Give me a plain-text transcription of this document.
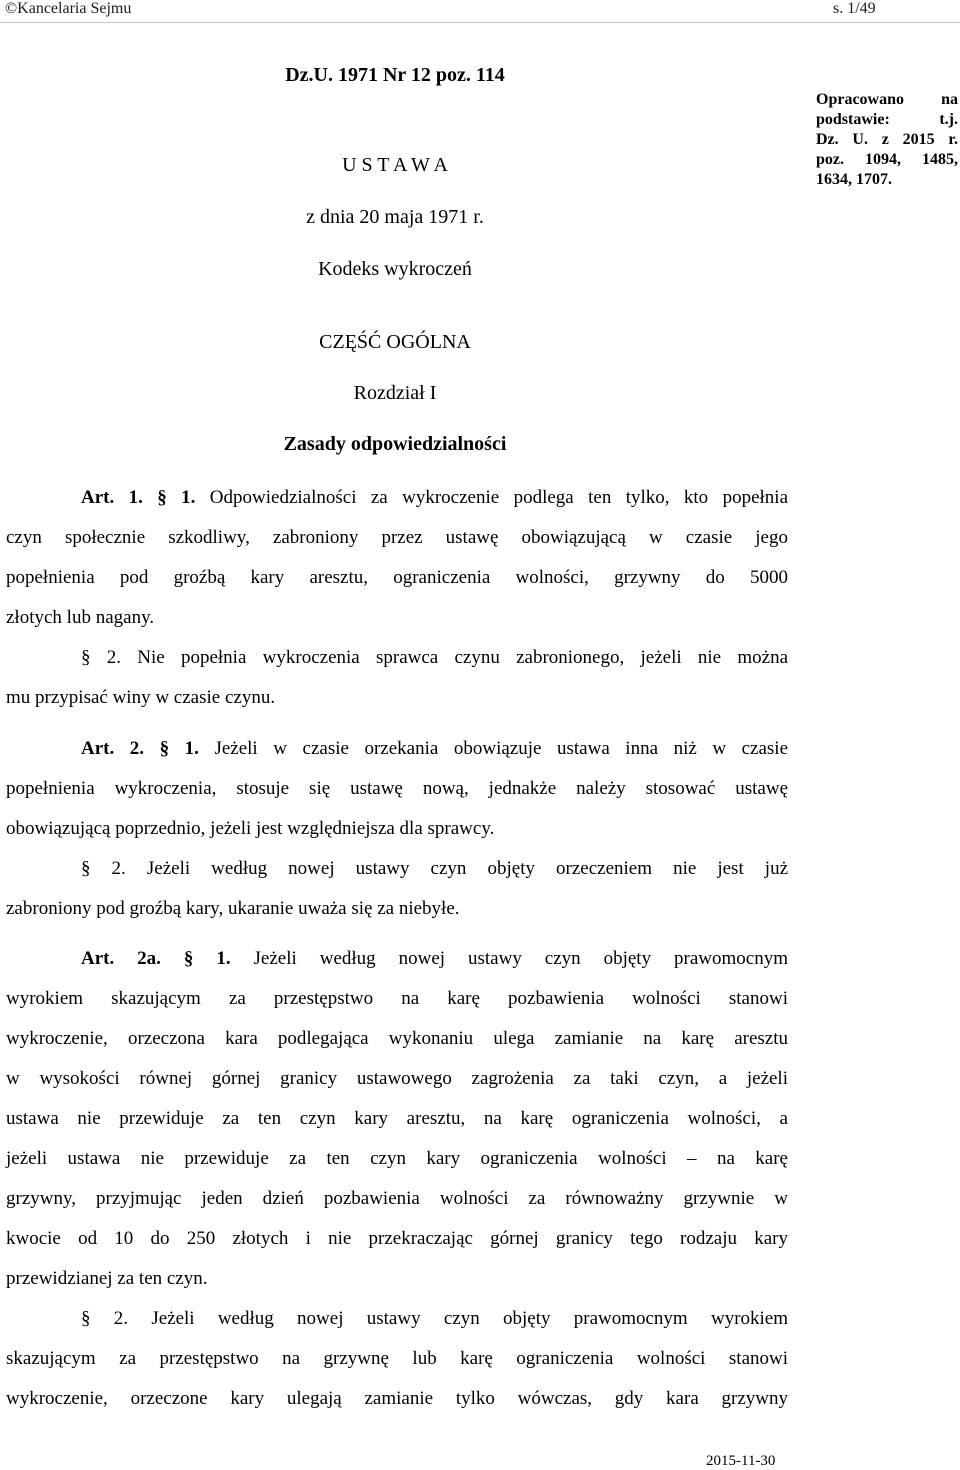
©Kancelaria Sejmu	s. 1/49
Opracowano na
podstawie: t.j.
Dz. U. z 2015 r.
poz. 1094, 1485,
1634, 1707.
Dz.U. 1971 Nr 12 poz. 114
U S T A W A
z dnia 20 maja 1971 r.
Kodeks wykroczeń
CZĘŚĆ OGÓLNA
Rozdział I
Zasady odpowiedzialności
Art. 1. § 1. Odpowiedzialności za wykroczenie podlega ten tylko, kto popełnia
czyn społecznie szkodliwy, zabroniony przez ustawę obowiązującą w czasie jego
popełnienia pod groźbą kary aresztu, ograniczenia wolności, grzywny do 5000
złotych lub nagany.
§ 2. Nie popełnia wykroczenia sprawca czynu zabronionego, jeżeli nie można
mu przypisać winy w czasie czynu.
Art. 2. § 1. Jeżeli w czasie orzekania obowiązuje ustawa inna niż w czasie
popełnienia wykroczenia, stosuje się ustawę nową, jednakże należy stosować ustawę
obowiązującą poprzednio, jeżeli jest względniejsza dla sprawcy.
§ 2. Jeżeli według nowej ustawy czyn objęty orzeczeniem nie jest już
zabroniony pod groźbą kary, ukaranie uważa się za niebyłe.
Art. 2a. § 1. Jeżeli według nowej ustawy czyn objęty prawomocnym
wyrokiem skazującym za przestępstwo na karę pozbawienia wolności stanowi
wykroczenie, orzeczona kara podlegająca wykonaniu ulega zamianie na karę aresztu
w wysokości równej górnej granicy ustawowego zagrożenia za taki czyn, a jeżeli
ustawa nie przewiduje za ten czyn kary aresztu, na karę ograniczenia wolności, a
jeżeli ustawa nie przewiduje za ten czyn kary ograniczenia wolności – na karę
grzywny, przyjmując jeden dzień pozbawienia wolności za równoważny grzywnie w
kwocie od 10 do 250 złotych i nie przekraczając górnej granicy tego rodzaju kary
przewidzianej za ten czyn.
§ 2. Jeżeli według nowej ustawy czyn objęty prawomocnym wyrokiem
skazującym za przestępstwo na grzywnę lub karę ograniczenia wolności stanowi
wykroczenie, orzeczone kary ulegają zamianie tylko wówczas, gdy kara grzywny
2015-11-30
